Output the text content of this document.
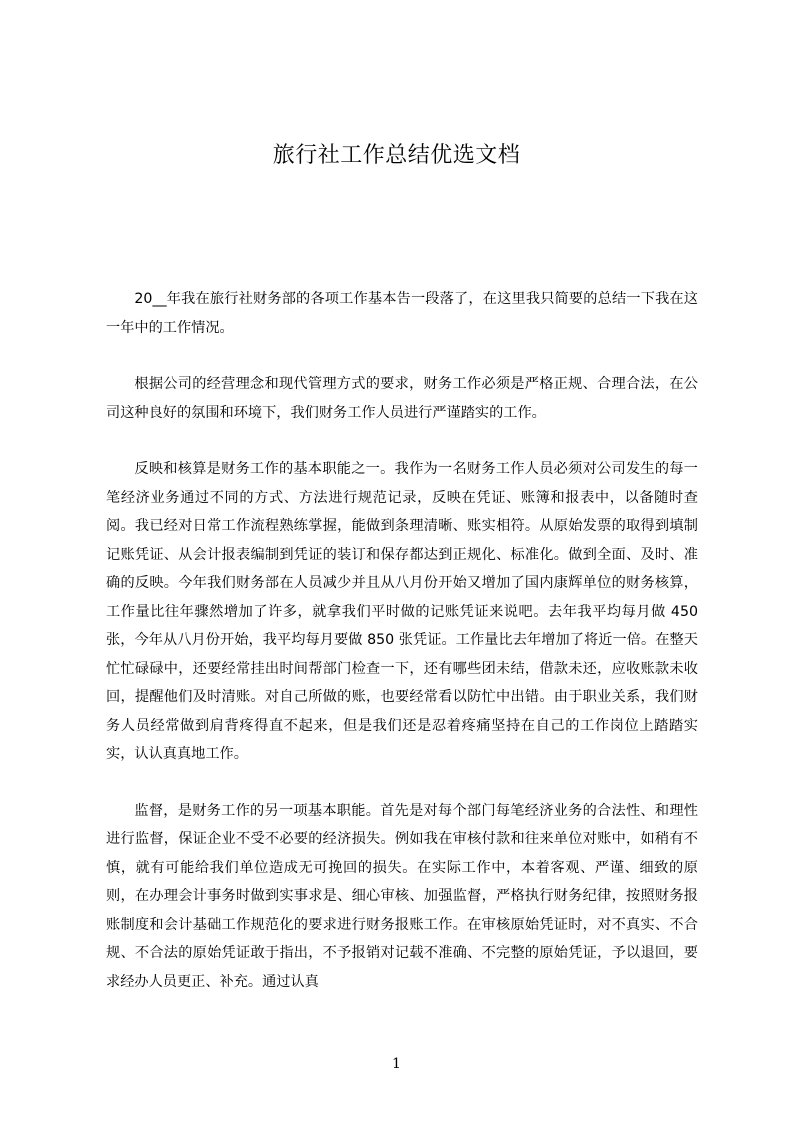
旅行社工作总结优选文档

20__年我在旅行社财务部的各项工作基本告一段落了，在这里我只简要的总结一下我在这一年中的工作情况。

根据公司的经营理念和现代管理方式的要求，财务工作必须是严格正规、合理合法，在公司这种良好的氛围和环境下，我们财务工作人员进行严谨踏实的工作。

反映和核算是财务工作的基本职能之一。我作为一名财务工作人员必须对公司发生的每一笔经济业务通过不同的方式、方法进行规范记录，反映在凭证、账簿和报表中，以备随时查阅。我已经对日常工作流程熟练掌握，能做到条理清晰、账实相符。从原始发票的取得到填制记账凭证、从会计报表编制到凭证的装订和保存都达到正规化、标准化。做到全面、及时、准确的反映。今年我们财务部在人员减少并且从八月份开始又增加了国内康辉单位的财务核算，工作量比往年骤然增加了许多，就拿我们平时做的记账凭证来说吧。去年我平均每月做 450 张，今年从八月份开始，我平均每月要做 850 张凭证。工作量比去年增加了将近一倍。在整天忙忙碌碌中，还要经常挂出时间帮部门检查一下，还有哪些团未结，借款未还，应收账款未收回，提醒他们及时清账。对自己所做的账，也要经常看以防忙中出错。由于职业关系，我们财务人员经常做到肩背疼得直不起来，但是我们还是忍着疼痛坚持在自己的工作岗位上踏踏实实，认认真真地工作。

监督，是财务工作的另一项基本职能。首先是对每个部门每笔经济业务的合法性、和理性进行监督，保证企业不受不必要的经济损失。例如我在审核付款和往来单位对账中，如稍有不慎，就有可能给我们单位造成无可挽回的损失。在实际工作中，本着客观、严谨、细致的原则，在办理会计事务时做到实事求是、细心审核、加强监督，严格执行财务纪律，按照财务报账制度和会计基础工作规范化的要求进行财务报账工作。在审核原始凭证时，对不真实、不合规、不合法的原始凭证敢于指出，不予报销对记载不准确、不完整的原始凭证，予以退回，要求经办人员更正、补充。通过认真

1
